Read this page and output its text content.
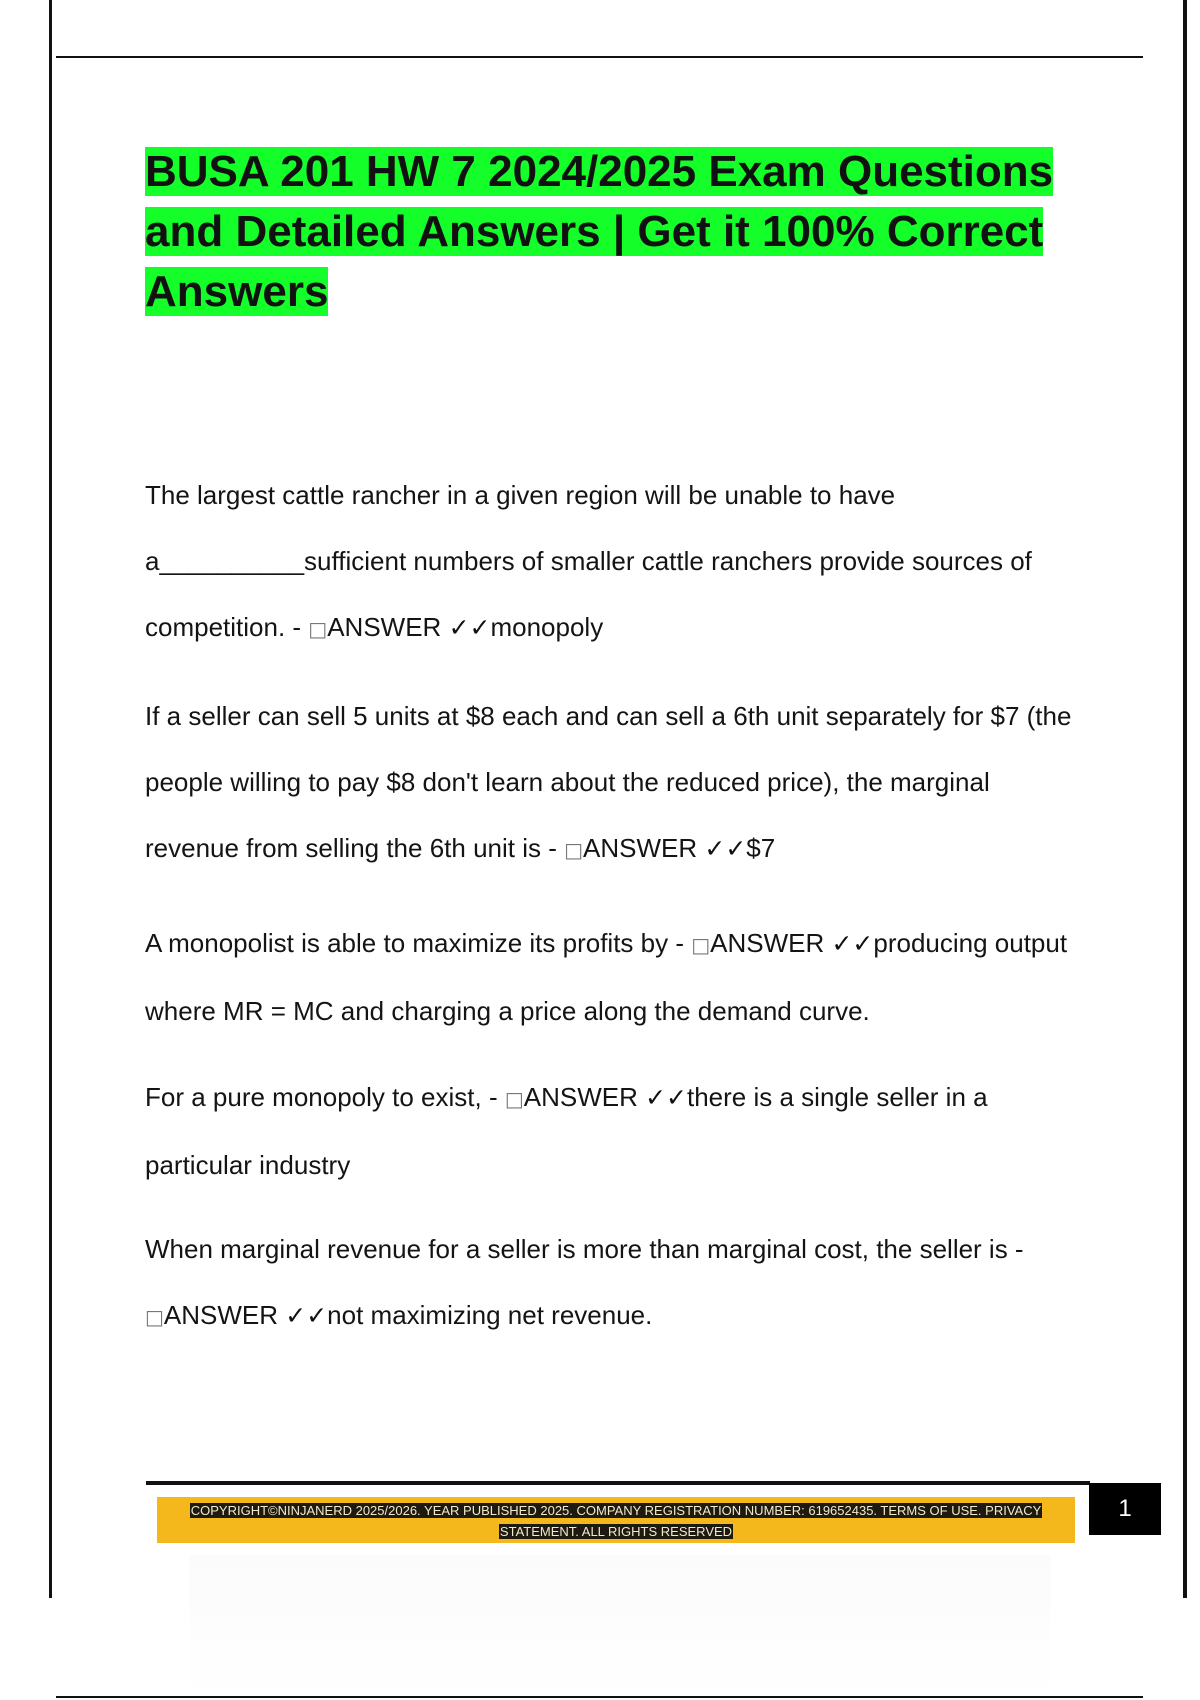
BUSA 201 HW 7 2024/2025 Exam Questions and Detailed Answers | Get it 100% Correct Answers

The largest cattle rancher in a given region will be unable to have a__________sufficient numbers of smaller cattle ranchers provide sources of competition. - □ANSWER ✓✓monopoly

If a seller can sell 5 units at $8 each and can sell a 6th unit separately for $7 (the people willing to pay $8 don't learn about the reduced price), the marginal revenue from selling the 6th unit is - □ANSWER ✓✓$7

A monopolist is able to maximize its profits by - □ANSWER ✓✓producing output where MR = MC and charging a price along the demand curve.

For a pure monopoly to exist, - □ANSWER ✓✓there is a single seller in a particular industry

When marginal revenue for a seller is more than marginal cost, the seller is - □ANSWER ✓✓not maximizing net revenue.

COPYRIGHT©NINJANERD 2025/2026. YEAR PUBLISHED 2025. COMPANY REGISTRATION NUMBER: 619652435. TERMS OF USE. PRIVACY STATEMENT. ALL RIGHTS RESERVED

1
